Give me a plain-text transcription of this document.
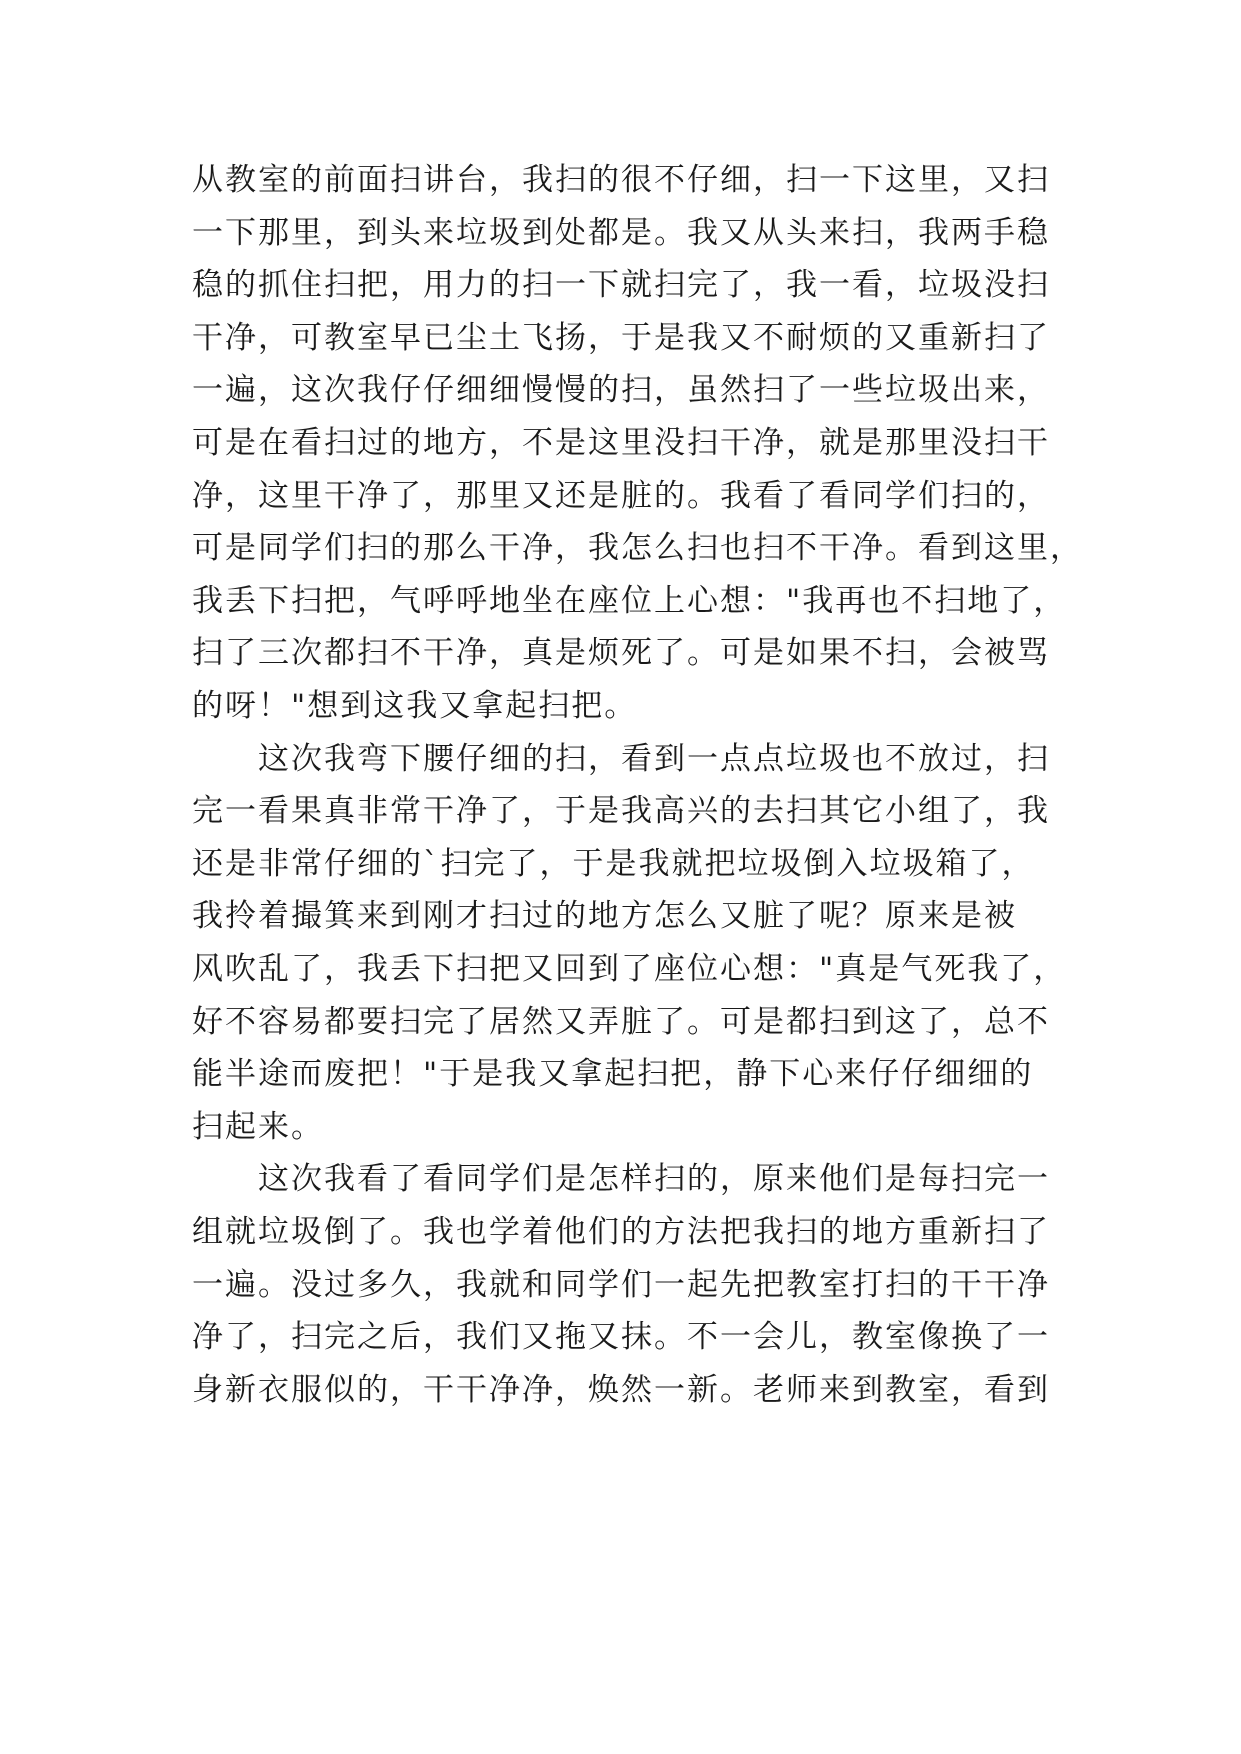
从教室的前面扫讲台，我扫的很不仔细，扫一下这里，又扫
一下那里，到头来垃圾到处都是。我又从头来扫，我两手稳
稳的抓住扫把，用力的扫一下就扫完了，我一看，垃圾没扫
干净，可教室早已尘土飞扬，于是我又不耐烦的又重新扫了
一遍，这次我仔仔细细慢慢的扫，虽然扫了一些垃圾出来，
可是在看扫过的地方，不是这里没扫干净，就是那里没扫干
净，这里干净了，那里又还是脏的。我看了看同学们扫的，
可是同学们扫的那么干净，我怎么扫也扫不干净。看到这里，
我丢下扫把，气呼呼地坐在座位上心想："我再也不扫地了，
扫了三次都扫不干净，真是烦死了。可是如果不扫，会被骂
的呀！"想到这我又拿起扫把。
　　这次我弯下腰仔细的扫，看到一点点垃圾也不放过，扫
完一看果真非常干净了，于是我高兴的去扫其它小组了，我
还是非常仔细的`扫完了，于是我就把垃圾倒入垃圾箱了，
我拎着撮箕来到刚才扫过的地方怎么又脏了呢？原来是被
风吹乱了，我丢下扫把又回到了座位心想："真是气死我了，
好不容易都要扫完了居然又弄脏了。可是都扫到这了，总不
能半途而废把！"于是我又拿起扫把，静下心来仔仔细细的
扫起来。
　　这次我看了看同学们是怎样扫的，原来他们是每扫完一
组就垃圾倒了。我也学着他们的方法把我扫的地方重新扫了
一遍。没过多久，我就和同学们一起先把教室打扫的干干净
净了，扫完之后，我们又拖又抹。不一会儿，教室像换了一
身新衣服似的，干干净净，焕然一新。老师来到教室，看到
